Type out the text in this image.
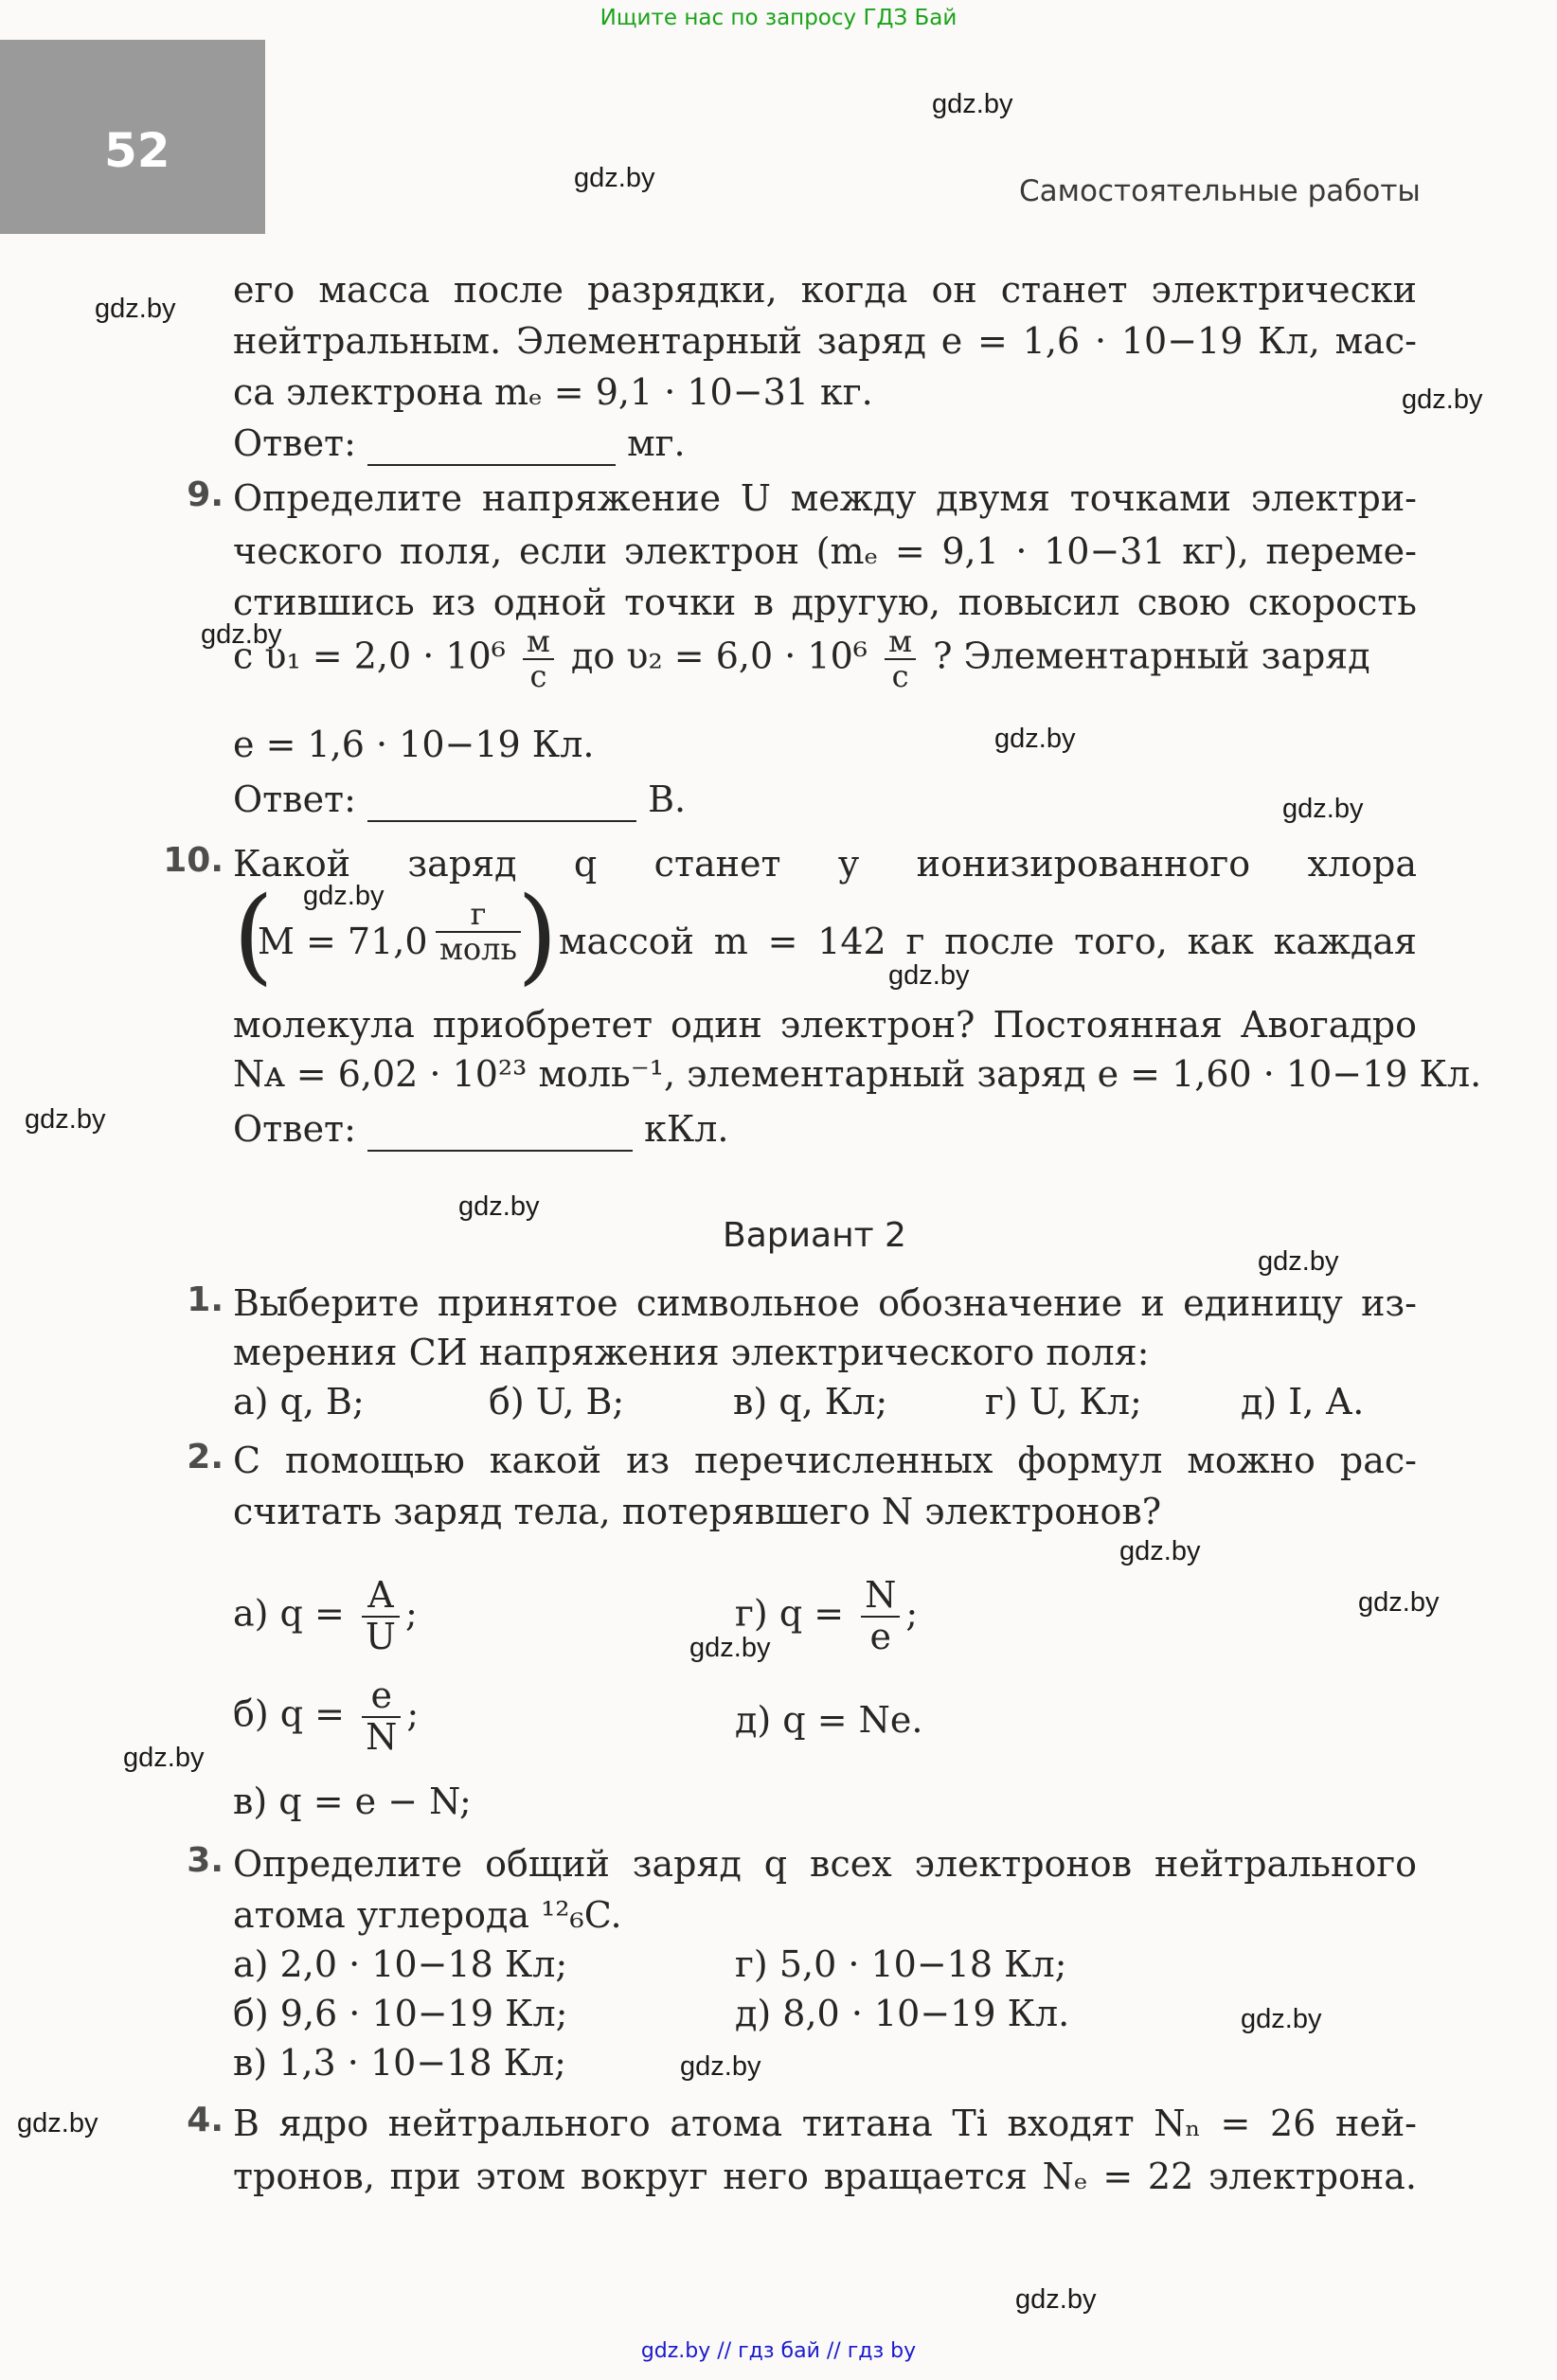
Ищите нас по запросу ГДЗ Бай
gdz.by // гдз бай // гдз by
52
Самостоятельные работы
gdz.by
gdz.by
gdz.by
gdz.by
gdz.by
gdz.by
gdz.by
gdz.by
gdz.by
gdz.by
gdz.by
gdz.by
gdz.by
gdz.by
gdz.by
gdz.by
gdz.by
gdz.by
gdz.by
gdz.by
его масса после разрядки, когда он станет электрически
нейтральным. Элементарный заряд e = 1,6 · 10−19 Кл, мас-
са электрона mₑ = 9,1 · 10−31 кг.
Ответ:	мг.
9. Определите напряжение U между двумя точками электри-
ческого поля, если электрон (mₑ = 9,1 · 10−31 кг), переме-
стившись из одной точки в другую, повысил свою скорость
с $\upsilon_1 = 2,0 \cdot 10^6 \frac{м}{с}$ до $\upsilon_2 = 6,0 \cdot 10^6 \frac{м}{с}$ ? Элементарный заряд
e = 1,6 · 10−19 Кл.
Ответ:	В.
10. Какой заряд q станет у ионизированного хлора
(
M = 71,0
г
моль ) массой m = 142 г после того, как каждая
молекула приобретет один электрон? Постоянная Авогадро
Nᴀ = 6,02 · 10²³ моль⁻¹, элементарный заряд e = 1,60 · 10−19 Кл.
Ответ:	кКл.
Вариант 2
1. Выберите принятое символьное обозначение и единицу из-
мерения СИ напряжения электрического поля:
а) q, В;	б) U, В;	в) q, Кл;	г) U, Кл;	д) I, А.
2. С помощью какой из перечисленных формул можно рас-
считать заряд тела, потерявшего N электронов?
а) $q = \frac{A}{U}$ ;	г) $q = \frac{N}{e}$ ;
б) $q = \frac{e}{N}$ ;	д) q = Ne.
в) q = e − N;
3. Определите общий заряд q всех электронов нейтрального
атома углерода ¹²₆C.
а) 2,0 · 10−18 Кл;	г) 5,0 · 10−18 Кл;
б) 9,6 · 10−19 Кл;	д) 8,0 · 10−19 Кл.
в) 1,3 · 10−18 Кл;
4. В ядро нейтрального атома титана Ti входят Nₙ = 26 ней-
тронов, при этом вокруг него вращается Nₑ = 22 электрона.
